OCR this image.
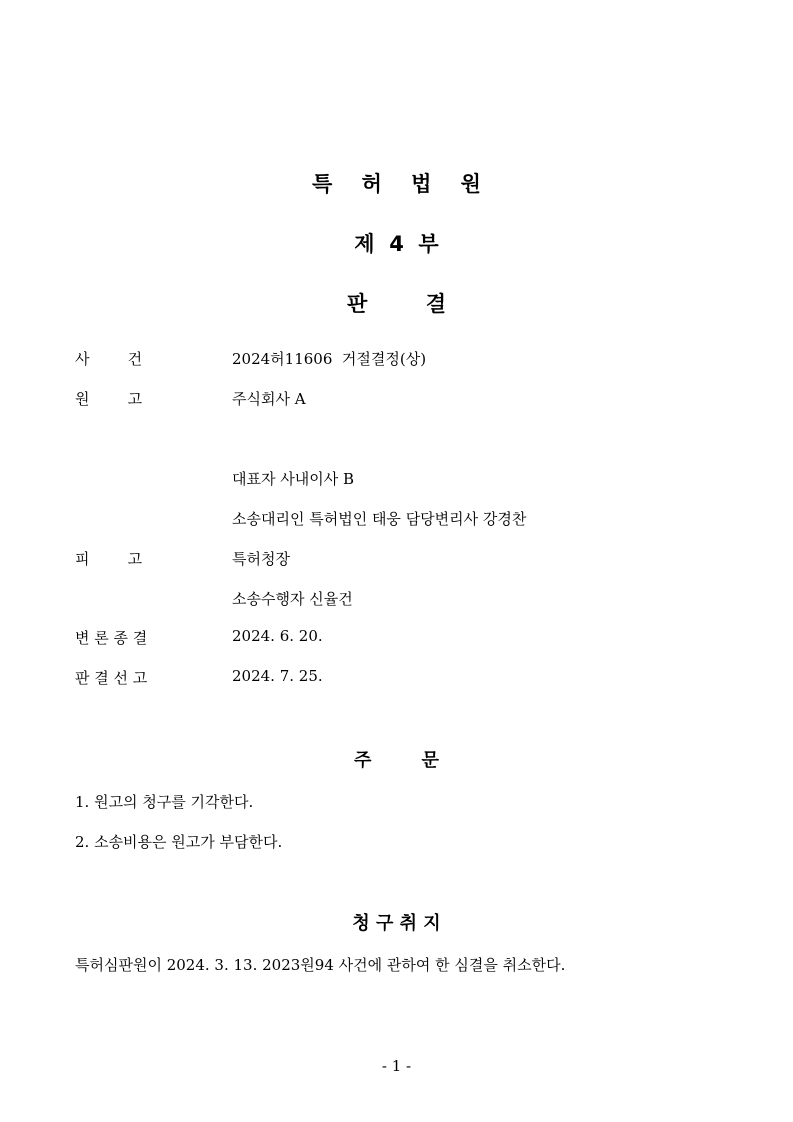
특    허    법    원
제  4  부
판        결
사        건	2024허11606  거절결정(상)
원        고	주식회사 A
대표자 사내이사 B
소송대리인 특허법인 태웅 담당변리사 강경찬
피        고	특허청장
소송수행자 신율건
변 론 종 결	2024. 6. 20.
판 결 선 고	2024. 7. 25.
주        문
1. 원고의 청구를 기각한다.
2. 소송비용은 원고가 부담한다.
청 구 취 지
특허심판원이 2024. 3. 13. 2023원94 사건에 관하여 한 심결을 취소한다.
- 1 -
